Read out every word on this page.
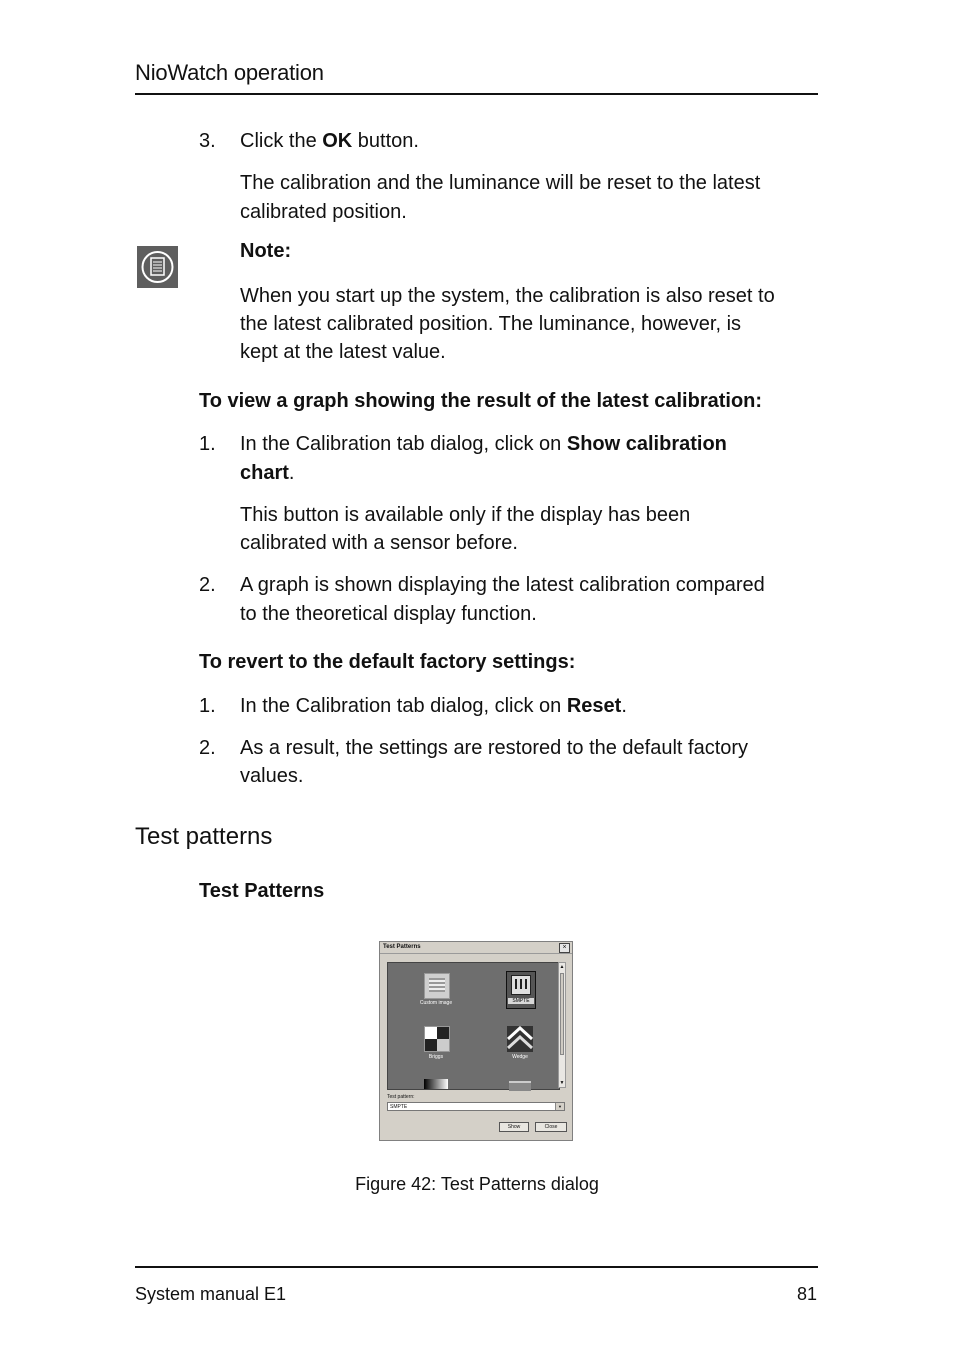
NioWatch operation
3.	Click the OK button.
The calibration and the luminance will be reset to the latest
calibrated position.
Note:
When you start up the system, the calibration is also reset to
the latest calibrated position. The luminance, however, is
kept at the latest value.
To view a graph showing the result of the latest calibration:
1.	In the Calibration tab dialog, click on Show calibration
chart.
This button is available only if the display has been
calibrated with a sensor before.
2.	A graph is shown displaying the latest calibration compared
to the theoretical display function.
To revert to the default factory settings:
1.	In the Calibration tab dialog, click on Reset.
2.	As a result, the settings are restored to the default factory
values.
Test patterns
Test Patterns
Test Patterns	×
Custom image	SMPTE
Briggs	Wedge
▲
▼
Test pattern:
SMPTE	▼
Show	Close
Figure 42: Test Patterns dialog
System manual E1	81
